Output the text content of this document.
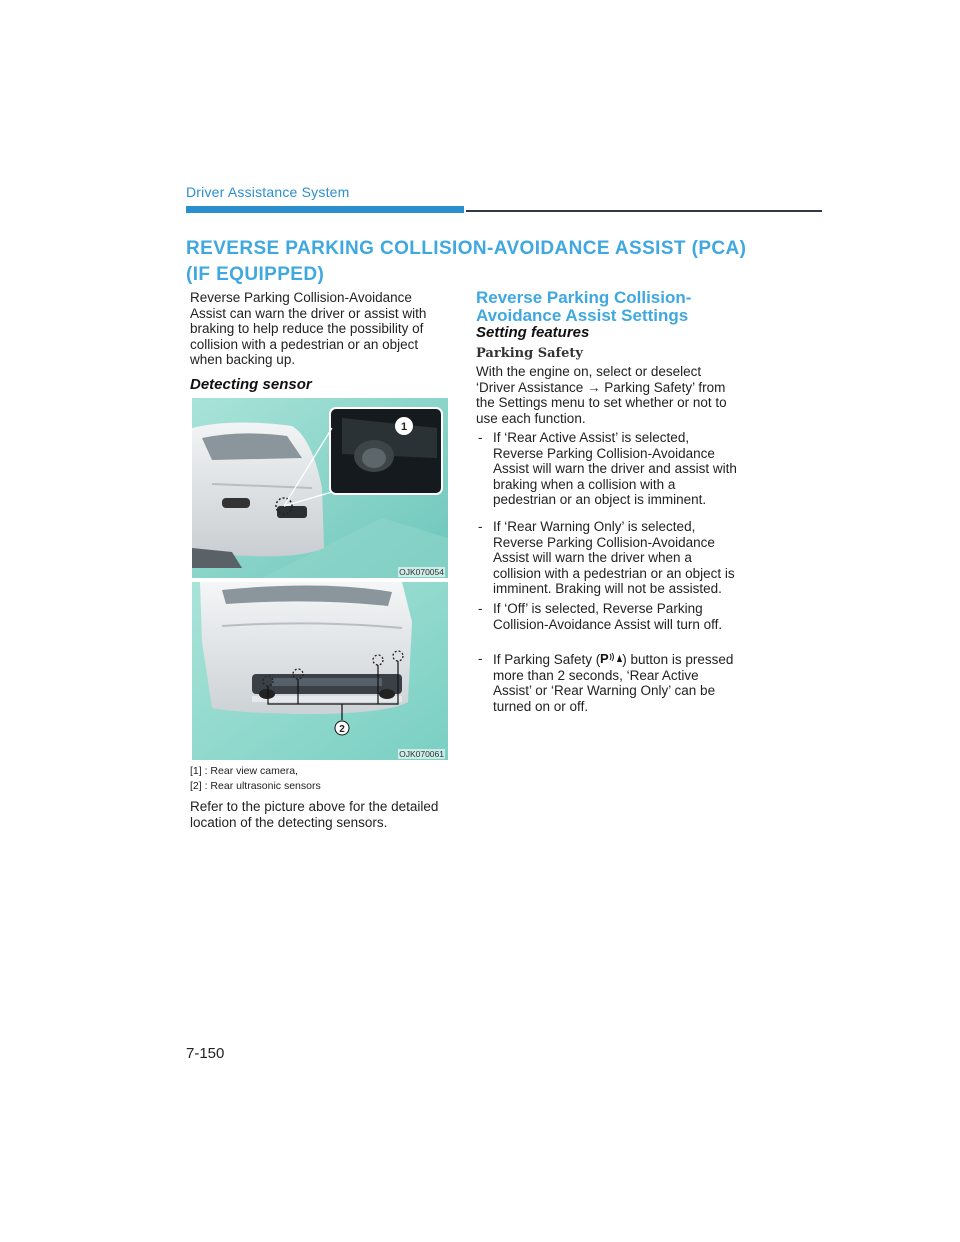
Driver Assistance System
REVERSE PARKING COLLISION-AVOIDANCE ASSIST (PCA)
(IF EQUIPPED)
Reverse Parking Collision-Avoidance Assist can warn the driver or assist with braking to help reduce the possibility of collision with a pedestrian or an object when backing up.
Detecting sensor
1
OJK070054
2
OJK070061
[1] : Rear view camera,
[2] : Rear ultrasonic sensors
Refer to the picture above for the detailed location of the detecting sensors.
Reverse Parking Collision-Avoidance Assist Settings
Setting features
Parking Safety
With the engine on, select or deselect ‘Driver Assistance → Parking Safety’ from the Settings menu to set whether or not to use each function.
- If ‘Rear Active Assist’ is selected, Reverse Parking Collision-Avoidance Assist will warn the driver and assist with braking when a collision with a pedestrian or an object is imminent.
- If ‘Rear Warning Only’ is selected, Reverse Parking Collision-Avoidance Assist will warn the driver when a collision with a pedestrian or an object is imminent. Braking will not be assisted.
- If ‘Off’ is selected, Reverse Parking Collision-Avoidance Assist will turn off.
- If Parking Safety ( P ) button is pressed more than 2 seconds, ‘Rear Active Assist’ or ‘Rear Warning Only’ can be turned on or off.
7-150
